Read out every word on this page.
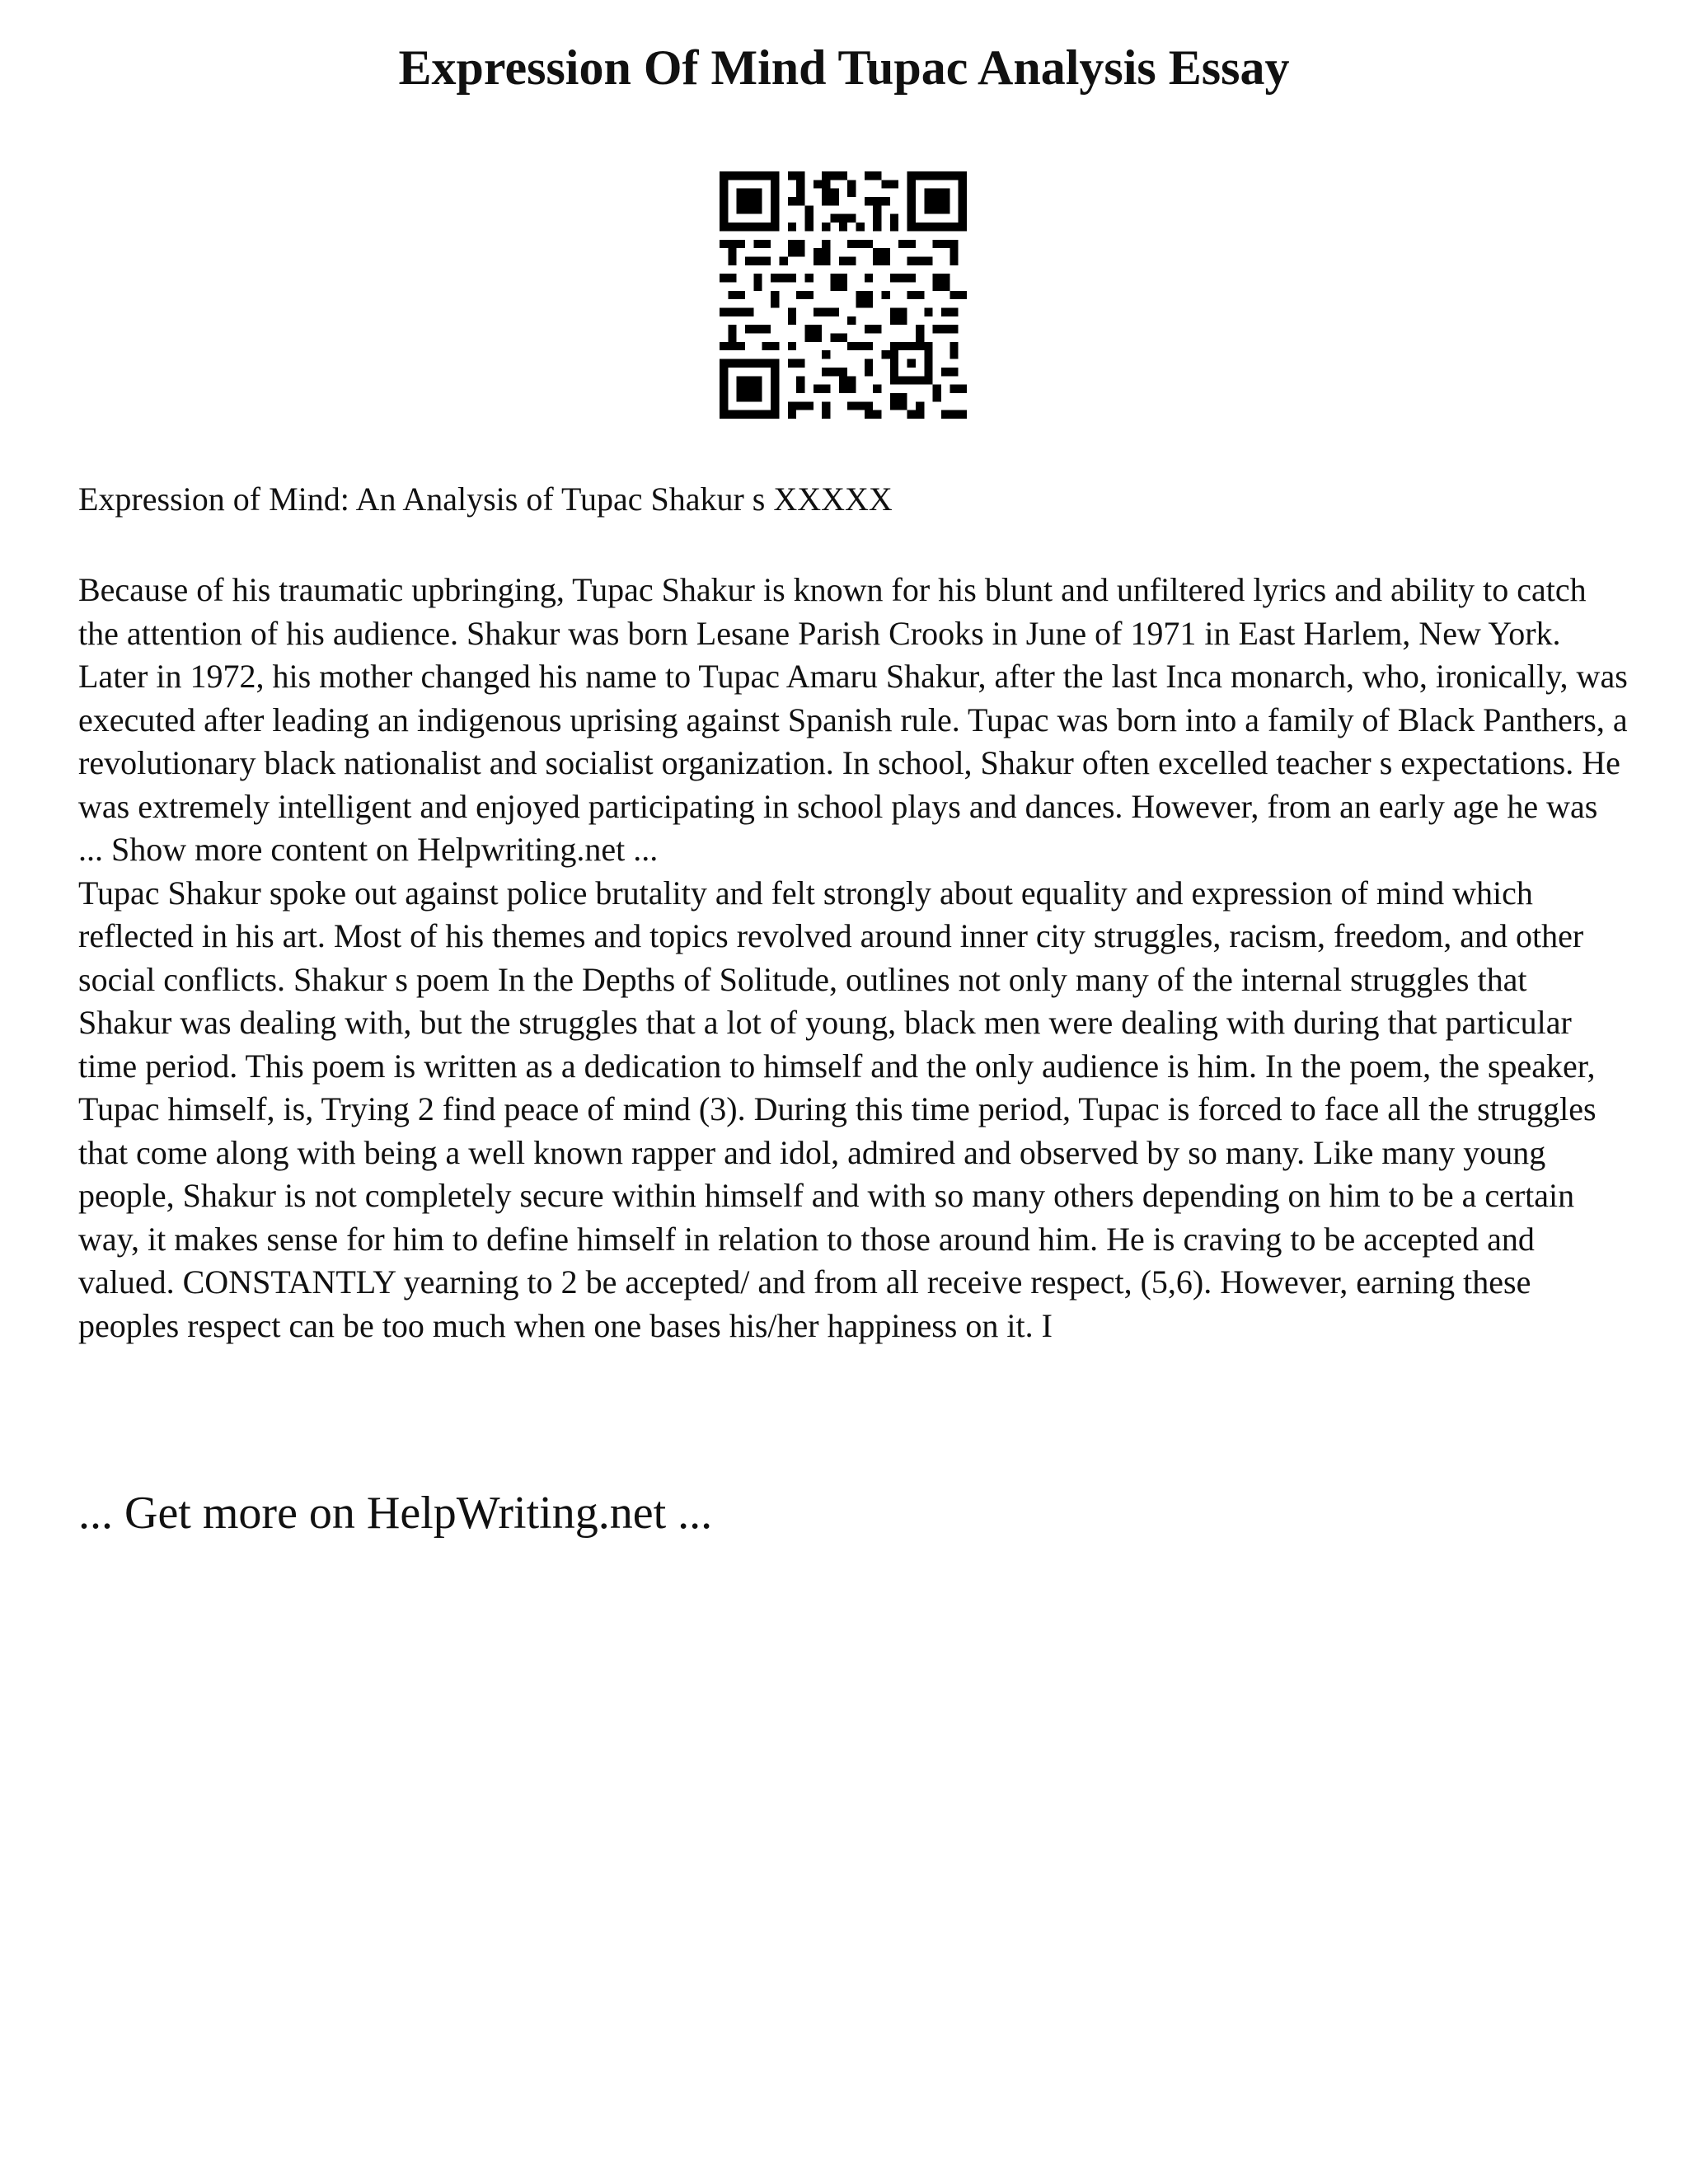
Expression Of Mind Tupac Analysis Essay

Expression of Mind: An Analysis of Tupac Shakur s XXXXX

Because of his traumatic upbringing, Tupac Shakur is known for his blunt and unfiltered lyrics and ability to catch the attention of his audience. Shakur was born Lesane Parish Crooks in June of 1971 in East Harlem, New York. Later in 1972, his mother changed his name to Tupac Amaru Shakur, after the last Inca monarch, who, ironically, was executed after leading an indigenous uprising against Spanish rule. Tupac was born into a family of Black Panthers, a revolutionary black nationalist and socialist organization. In school, Shakur often excelled teacher s expectations. He was extremely intelligent and enjoyed participating in school plays and dances. However, from an early age he was ... Show more content on Helpwriting.net ...

Tupac Shakur spoke out against police brutality and felt strongly about equality and expression of mind which reflected in his art. Most of his themes and topics revolved around inner city struggles, racism, freedom, and other social conflicts. Shakur s poem In the Depths of Solitude, outlines not only many of the internal struggles that Shakur was dealing with, but the struggles that a lot of young, black men were dealing with during that particular time period. This poem is written as a dedication to himself and the only audience is him. In the poem, the speaker, Tupac himself, is, Trying 2 find peace of mind (3). During this time period, Tupac is forced to face all the struggles that come along with being a well known rapper and idol, admired and observed by so many. Like many young people, Shakur is not completely secure within himself and with so many others depending on him to be a certain way, it makes sense for him to define himself in relation to those around him. He is craving to be accepted and valued. CONSTANTLY yearning to 2 be accepted/ and from all receive respect, (5,6). However, earning these peoples respect can be too much when one bases his/her happiness on it. I

... Get more on HelpWriting.net ...
